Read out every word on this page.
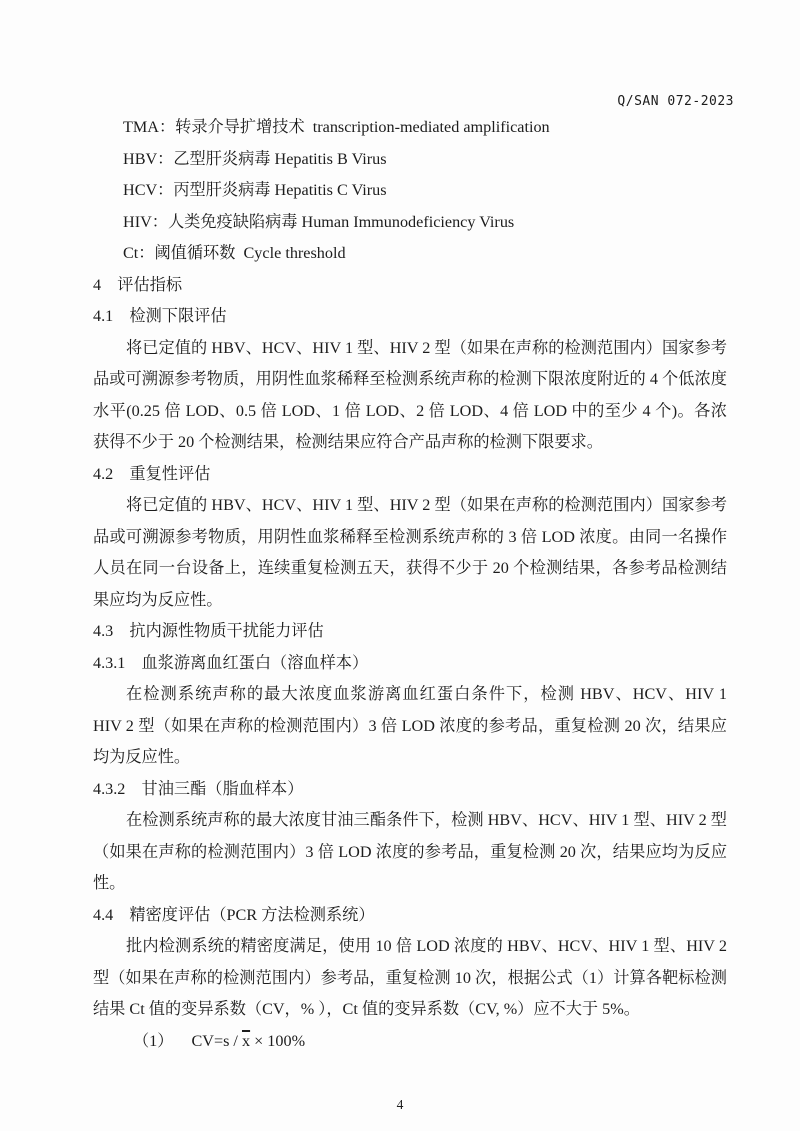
Q/SAN 072-2023
TMA：转录介导扩增技术  transcription-mediated amplification
HBV：乙型肝炎病毒 Hepatitis B Virus
HCV：丙型肝炎病毒 Hepatitis C Virus
HIV：人类免疫缺陷病毒 Human Immunodeficiency Virus
Ct：阈值循环数  Cycle threshold
4　评估指标
4.1　检测下限评估
将已定值的 HBV、HCV、HIV 1 型、HIV 2 型（如果在声称的检测范围内）国家参考
品或可溯源参考物质，用阴性血浆稀释至检测系统声称的检测下限浓度附近的 4 个低浓度
水平(0.25 倍 LOD、0.5 倍 LOD、1 倍 LOD、2 倍 LOD、4 倍 LOD 中的至少 4 个)。各浓
获得不少于 20 个检测结果，检测结果应符合产品声称的检测下限要求。
4.2　重复性评估
将已定值的 HBV、HCV、HIV 1 型、HIV 2 型（如果在声称的检测范围内）国家参考
品或可溯源参考物质，用阴性血浆稀释至检测系统声称的 3 倍 LOD 浓度。由同一名操作
人员在同一台设备上，连续重复检测五天，获得不少于 20 个检测结果，各参考品检测结
果应均为反应性。
4.3　抗内源性物质干扰能力评估
4.3.1　血浆游离血红蛋白（溶血样本）
在检测系统声称的最大浓度血浆游离血红蛋白条件下，检测 HBV、HCV、HIV 1
HIV 2 型（如果在声称的检测范围内）3 倍 LOD 浓度的参考品，重复检测 20 次，结果应
均为反应性。
4.3.2　甘油三酯（脂血样本）
在检测系统声称的最大浓度甘油三酯条件下，检测 HBV、HCV、HIV 1 型、HIV 2 型
（如果在声称的检测范围内）3 倍 LOD 浓度的参考品，重复检测 20 次，结果应均为反应
性。
4.4　精密度评估（PCR 方法检测系统）
批内检测系统的精密度满足，使用 10 倍 LOD 浓度的 HBV、HCV、HIV 1 型、HIV 2
型（如果在声称的检测范围内）参考品，重复检测 10 次，根据公式（1）计算各靶标检测
结果 Ct 值的变异系数（CV，% ），Ct 值的变异系数（CV, %）应不大于 5%。
（1） $CV=s / \overline{x} \times 100\%$
4
